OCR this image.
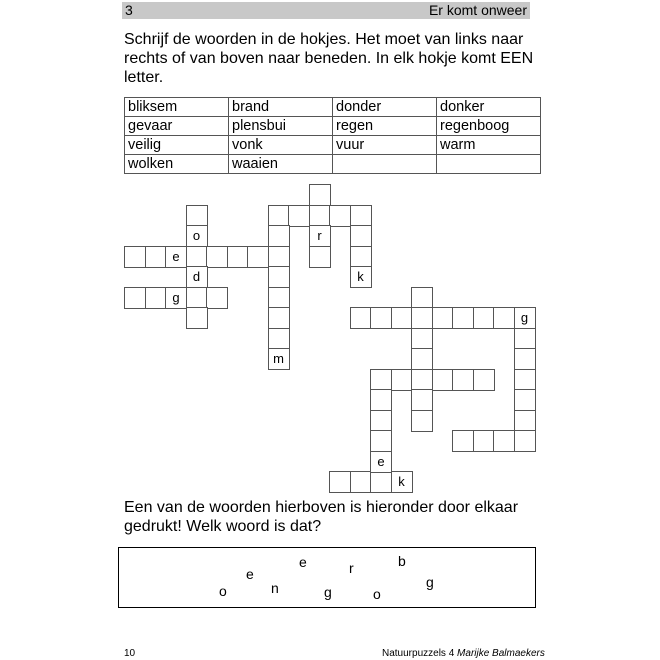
3	Er komt onweer
Schrijf de woorden in de hokjes. Het moet van links naar rechts of van boven naar beneden. In elk hokje komt EEN letter.
bliksem	brand	donder	donker
gevaar	plensbui	regen	regenboog
veilig	vonk	vuur	warm
wolken	waaien		
o	r
e
k
d
g
g
m
e
k
Een van de woorden hierboven is hieronder door elkaar gedrukt! Welk woord is dat?
e	r	b
e	g
o	n	g	o
10	Natuurpuzzels 4 Marijke Balmaekers
